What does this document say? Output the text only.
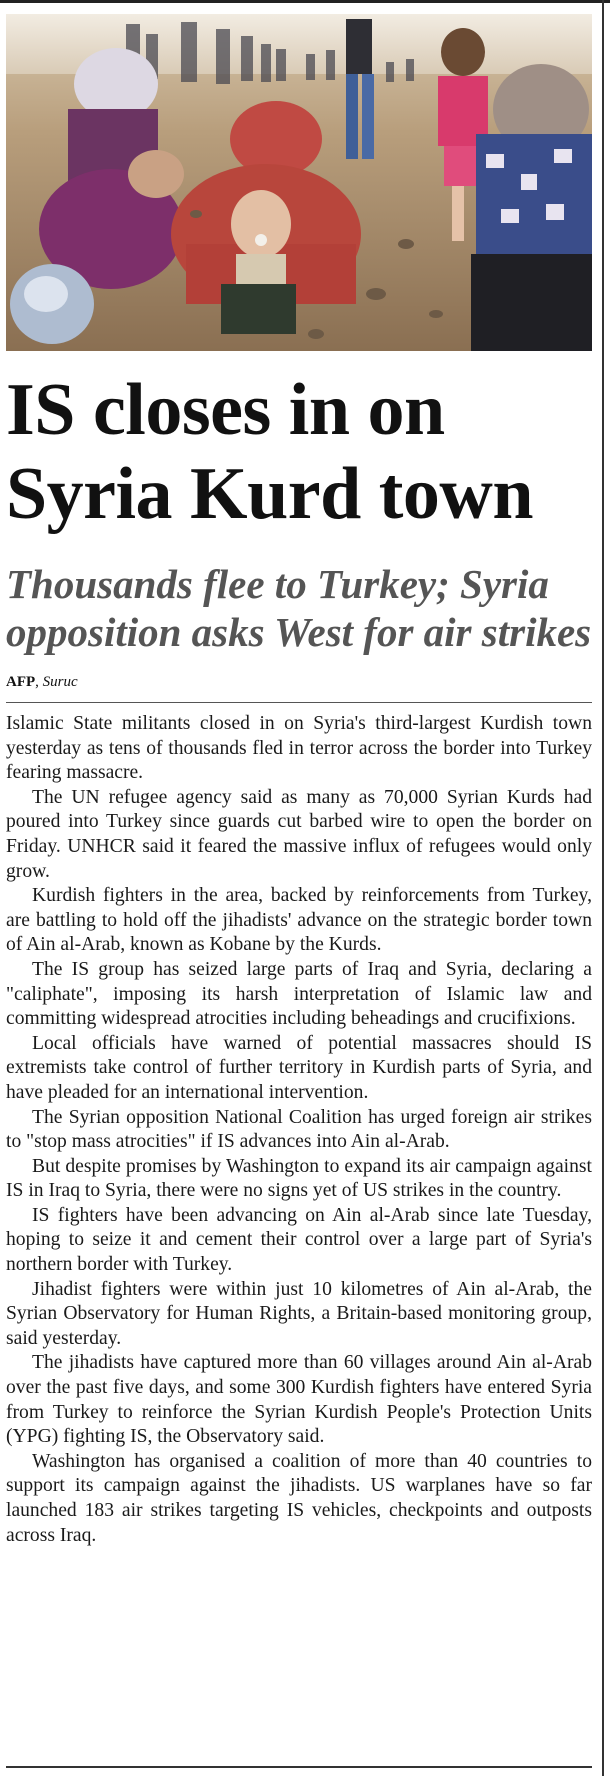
IS closes in on Syria Kurd town
Thousands flee to Turkey; Syria opposition asks West for air strikes
AFP, Suruc

Islamic State militants closed in on Syria's third-largest Kurdish town yesterday as tens of thousands fled in terror across the border into Turkey fearing massacre.

The UN refugee agency said as many as 70,000 Syrian Kurds had poured into Turkey since guards cut barbed wire to open the border on Friday. UNHCR said it feared the massive influx of refugees would only grow.

Kurdish fighters in the area, backed by reinforcements from Turkey, are battling to hold off the jihadists' advance on the strategic border town of Ain al-Arab, known as Kobane by the Kurds.

The IS group has seized large parts of Iraq and Syria, declaring a "caliphate", imposing its harsh interpretation of Islamic law and committing widespread atrocities including beheadings and crucifixions.

Local officials have warned of potential massacres should IS extremists take control of further territory in Kurdish parts of Syria, and have pleaded for an international intervention.

The Syrian opposition National Coalition has urged foreign air strikes to "stop mass atrocities" if IS advances into Ain al-Arab.

But despite promises by Washington to expand its air campaign against IS in Iraq to Syria, there were no signs yet of US strikes in the country.

IS fighters have been advancing on Ain al-Arab since late Tuesday, hoping to seize it and cement their control over a large part of Syria's northern border with Turkey.

Jihadist fighters were within just 10 kilometres of Ain al-Arab, the Syrian Observatory for Human Rights, a Britain-based monitoring group, said yesterday.

The jihadists have captured more than 60 villages around Ain al-Arab over the past five days, and some 300 Kurdish fighters have entered Syria from Turkey to reinforce the Syrian Kurdish People's Protection Units (YPG) fighting IS, the Observatory said.

Washington has organised a coalition of more than 40 countries to support its campaign against the jihadists. US warplanes have so far launched 183 air strikes targeting IS vehicles, checkpoints and outposts across Iraq.
